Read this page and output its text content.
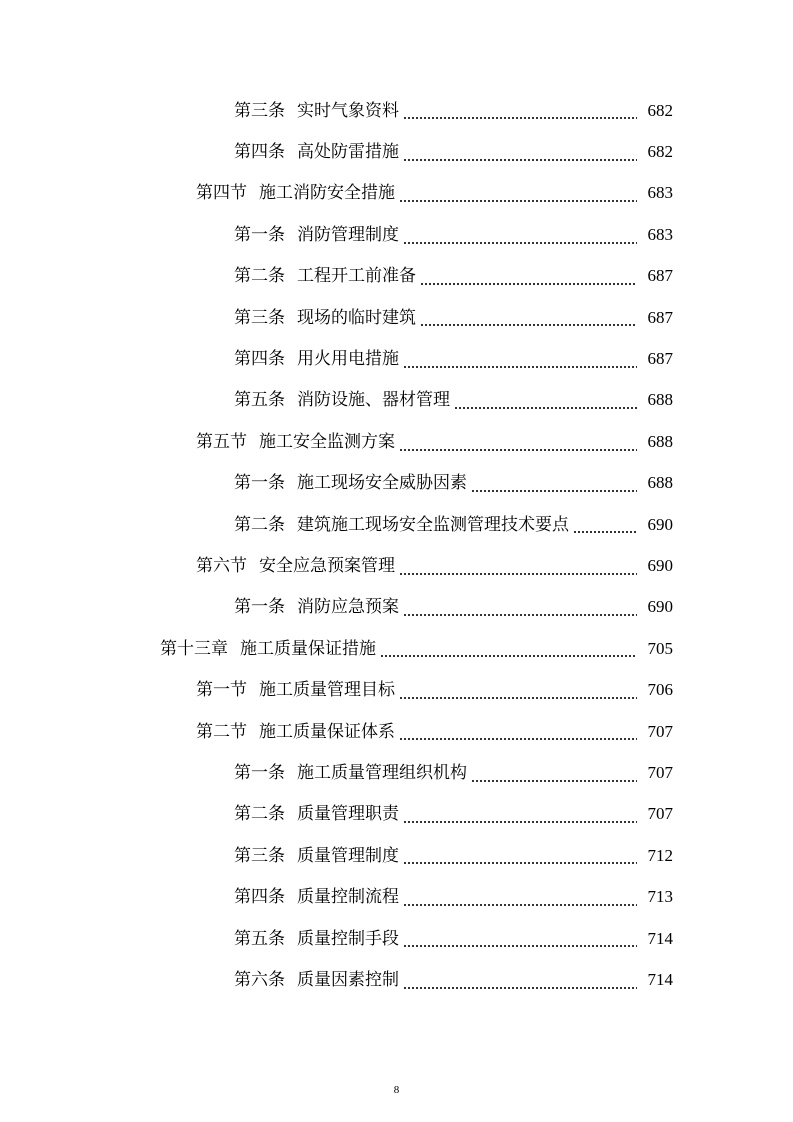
第三条 实时气象资料	682
第四条 高处防雷措施	682
第四节 施工消防安全措施	683
第一条 消防管理制度	683
第二条 工程开工前准备	687
第三条 现场的临时建筑	687
第四条 用火用电措施	687
第五条 消防设施、器材管理	688
第五节 施工安全监测方案	688
第一条 施工现场安全威胁因素	688
第二条 建筑施工现场安全监测管理技术要点	690
第六节 安全应急预案管理	690
第一条 消防应急预案	690
第十三章 施工质量保证措施	705
第一节 施工质量管理目标	706
第二节 施工质量保证体系	707
第一条 施工质量管理组织机构	707
第二条 质量管理职责	707
第三条 质量管理制度	712
第四条 质量控制流程	713
第五条 质量控制手段	714
第六条 质量因素控制	714
8
